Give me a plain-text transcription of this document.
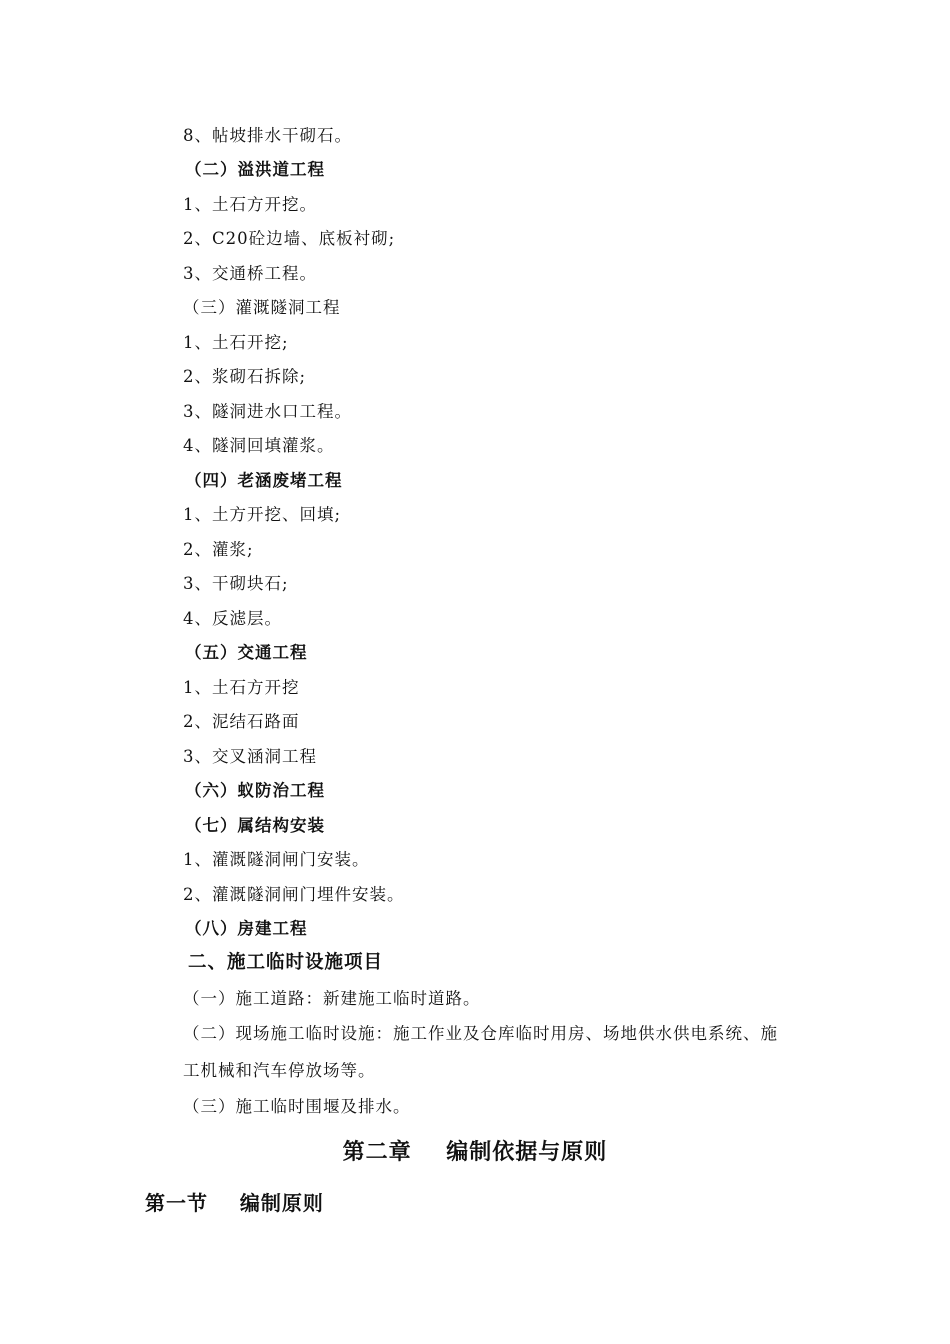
8、帖坡排水干砌石。
（二）溢洪道工程
1、土石方开挖。
2、C20砼边墙、底板衬砌;
3、交通桥工程。
（三）灌溉隧洞工程
1、土石开挖;
2、浆砌石拆除;
3、隧洞进水口工程。
4、隧洞回填灌浆。
（四）老涵废堵工程
1、土方开挖、回填;
2、灌浆;
3、干砌块石;
4、反滤层。
（五）交通工程
1、土石方开挖
2、泥结石路面
3、交叉涵洞工程
（六）蚁防治工程
（七）属结构安装
1、灌溉隧洞闸门安装。
2、灌溉隧洞闸门埋件安装。
（八）房建工程
二、施工临时设施项目
（一）施工道路：新建施工临时道路。
（二）现场施工临时设施：施工作业及仓库临时用房、场地供水供电系统、施
工机械和汽车停放场等。
（三）施工临时围堰及排水。
第二章    编制依据与原则
第一节    编制原则
